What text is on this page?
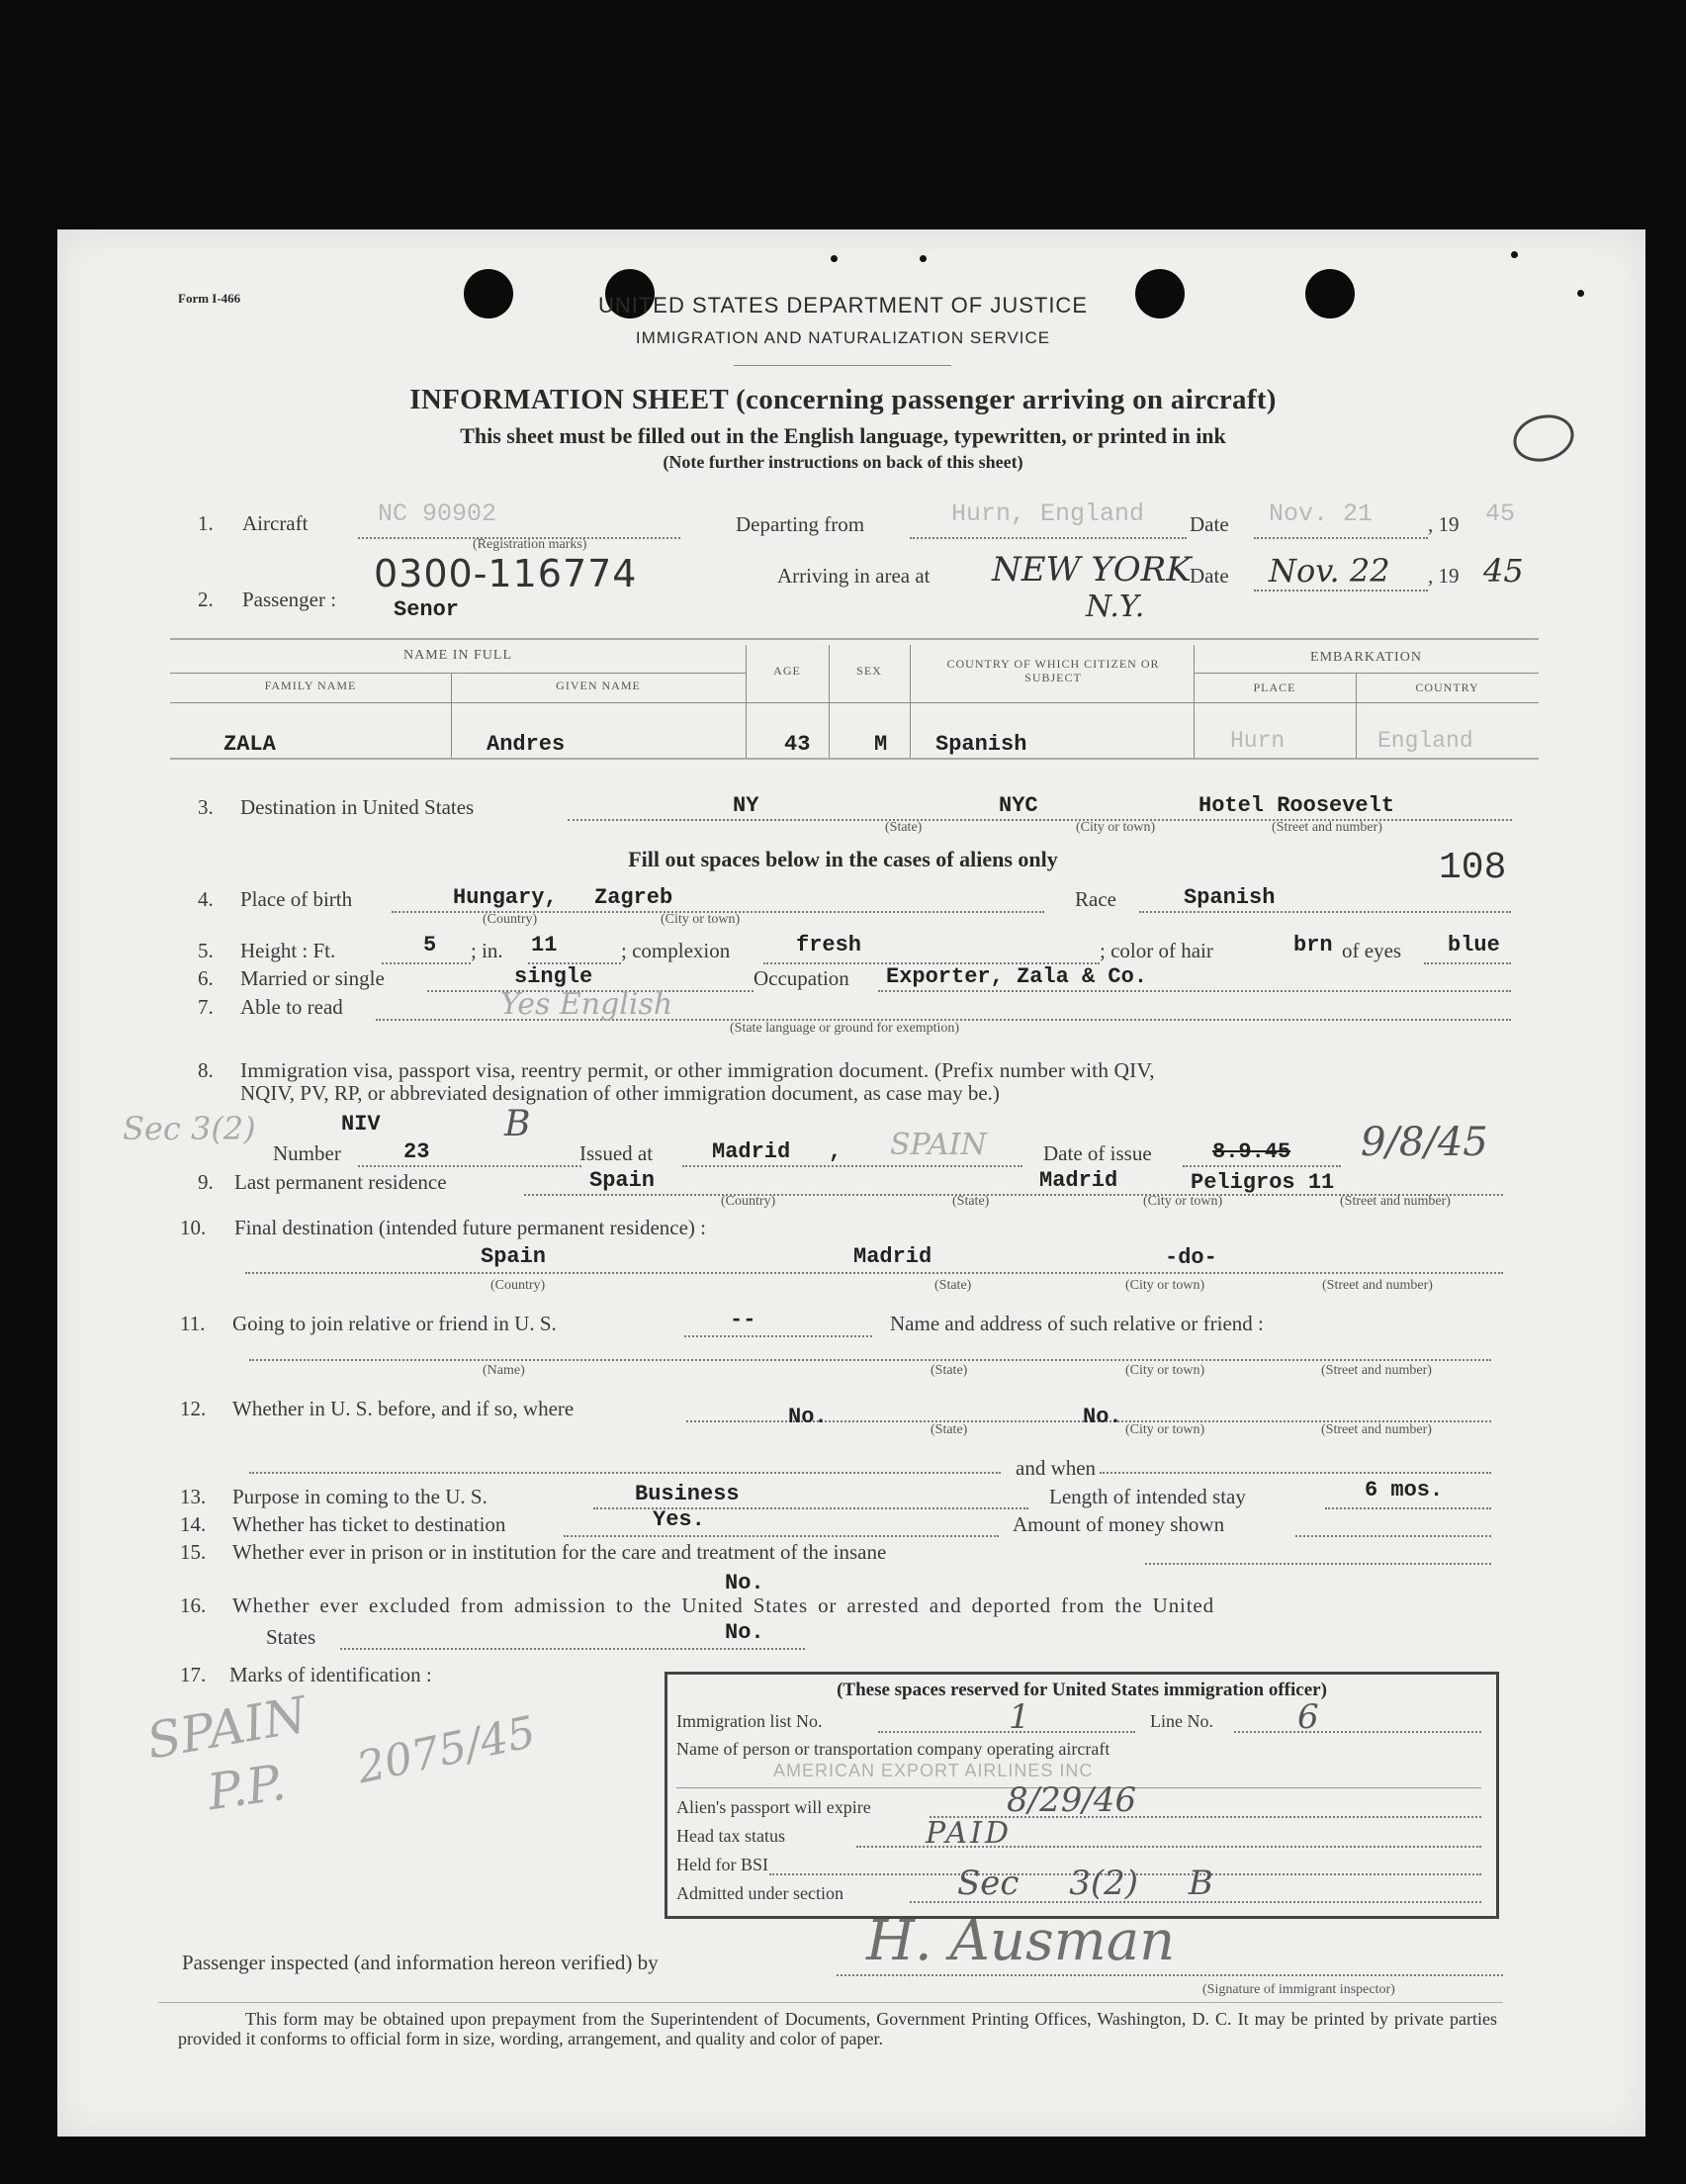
Form I-466	UNITED STATES DEPARTMENT OF JUSTICE
IMMIGRATION AND NATURALIZATION SERVICE
INFORMATION SHEET (concerning passenger arriving on aircraft)
This sheet must be filled out in the English language, typewritten, or printed in ink
(Note further instructions on back of this sheet)
1. Aircraft	NC 90902
(Registration marks)
Departing from	Hurn, England Date Nov. 21	, 19 45
0300-116774
2. Passenger :	Senor
Arriving in area at NEW YORK
N.Y.
Date Nov. 22 , 19 45
NAME IN FULL
FAMILY NAME	GIVEN NAME
AGE	SEX	COUNTRY OF WHICH CITIZEN OR SUBJECT
EMBARKATION
PLACE	COUNTRY
ZALA	Andres	43	M Spanish	Hurn	England
3. Destination in United States	NY	NYC	Hotel Roosevelt
(State)	(City or town)	(Street and number)
Fill out spaces below in the cases of aliens only	108
4. Place of birth	Hungary, Zagreb
(Country)	(City or town)
Race	Spanish
5. Height : Ft.	5 ; in. 11	; complexion	fresh	; color of hair	brn of eyes blue
6. Married or single	single	Occupation Exporter, Zala & Co.
7. Able to read	Yes English
(State language or ground for exemption)
8. Immigration visa, passport visa, reentry permit, or other immigration document. (Prefix number with QIV,
NQIV, PV, RP, or abbreviated designation of other immigration document, as case may be.)
Sec 3(2)	NIV	B
Number	23	Issued at	Madrid , SPAIN	Date of issue	8.9.45 9/8/45
9. Last permanent residence	Spain	Madrid	Peligros 11
(Country)	(State)	(City or town)	(Street and number)
10. Final destination (intended future permanent residence) :
Spain	Madrid	-do-
(Country)	(State)	(City or town)	(Street and number)
11. Going to join relative or friend in U. S.	--	Name and address of such relative or friend :
(Name)	(State)	(City or town)	(Street and number)
12. Whether in U. S. before, and if so, where	No.	No.
(State)	(City or town)	(Street and number)
and when
13. Purpose in coming to the U. S.	Business	Length of intended stay	6 mos.
14. Whether has ticket to destination	Yes.	Amount of money shown
15. Whether ever in prison or in institution for the care and treatment of the insane
No.
16. Whether ever excluded from admission to the United States or arrested and deported from the United
States	No.
17. Marks of identification :
SPAIN
P.P. 2075/45
(These spaces reserved for United States immigration officer)
Immigration list No.	1	Line No.	6
Name of person or transportation company operating aircraft
AMERICAN EXPORT AIRLINES INC
Alien's passport will expire	8/29/46
Head tax status	PAID
Held for BSI
Admitted under section	Sec 3(2) B
Passenger inspected (and information hereon verified) by	H. Ausman
(Signature of immigrant inspector)
This form may be obtained upon prepayment from the Superintendent of Documents, Government Printing Offices, Washington, D. C. It may be printed by private parties provided it conforms to official form in size, wording, arrangement, and quality and color of paper.
